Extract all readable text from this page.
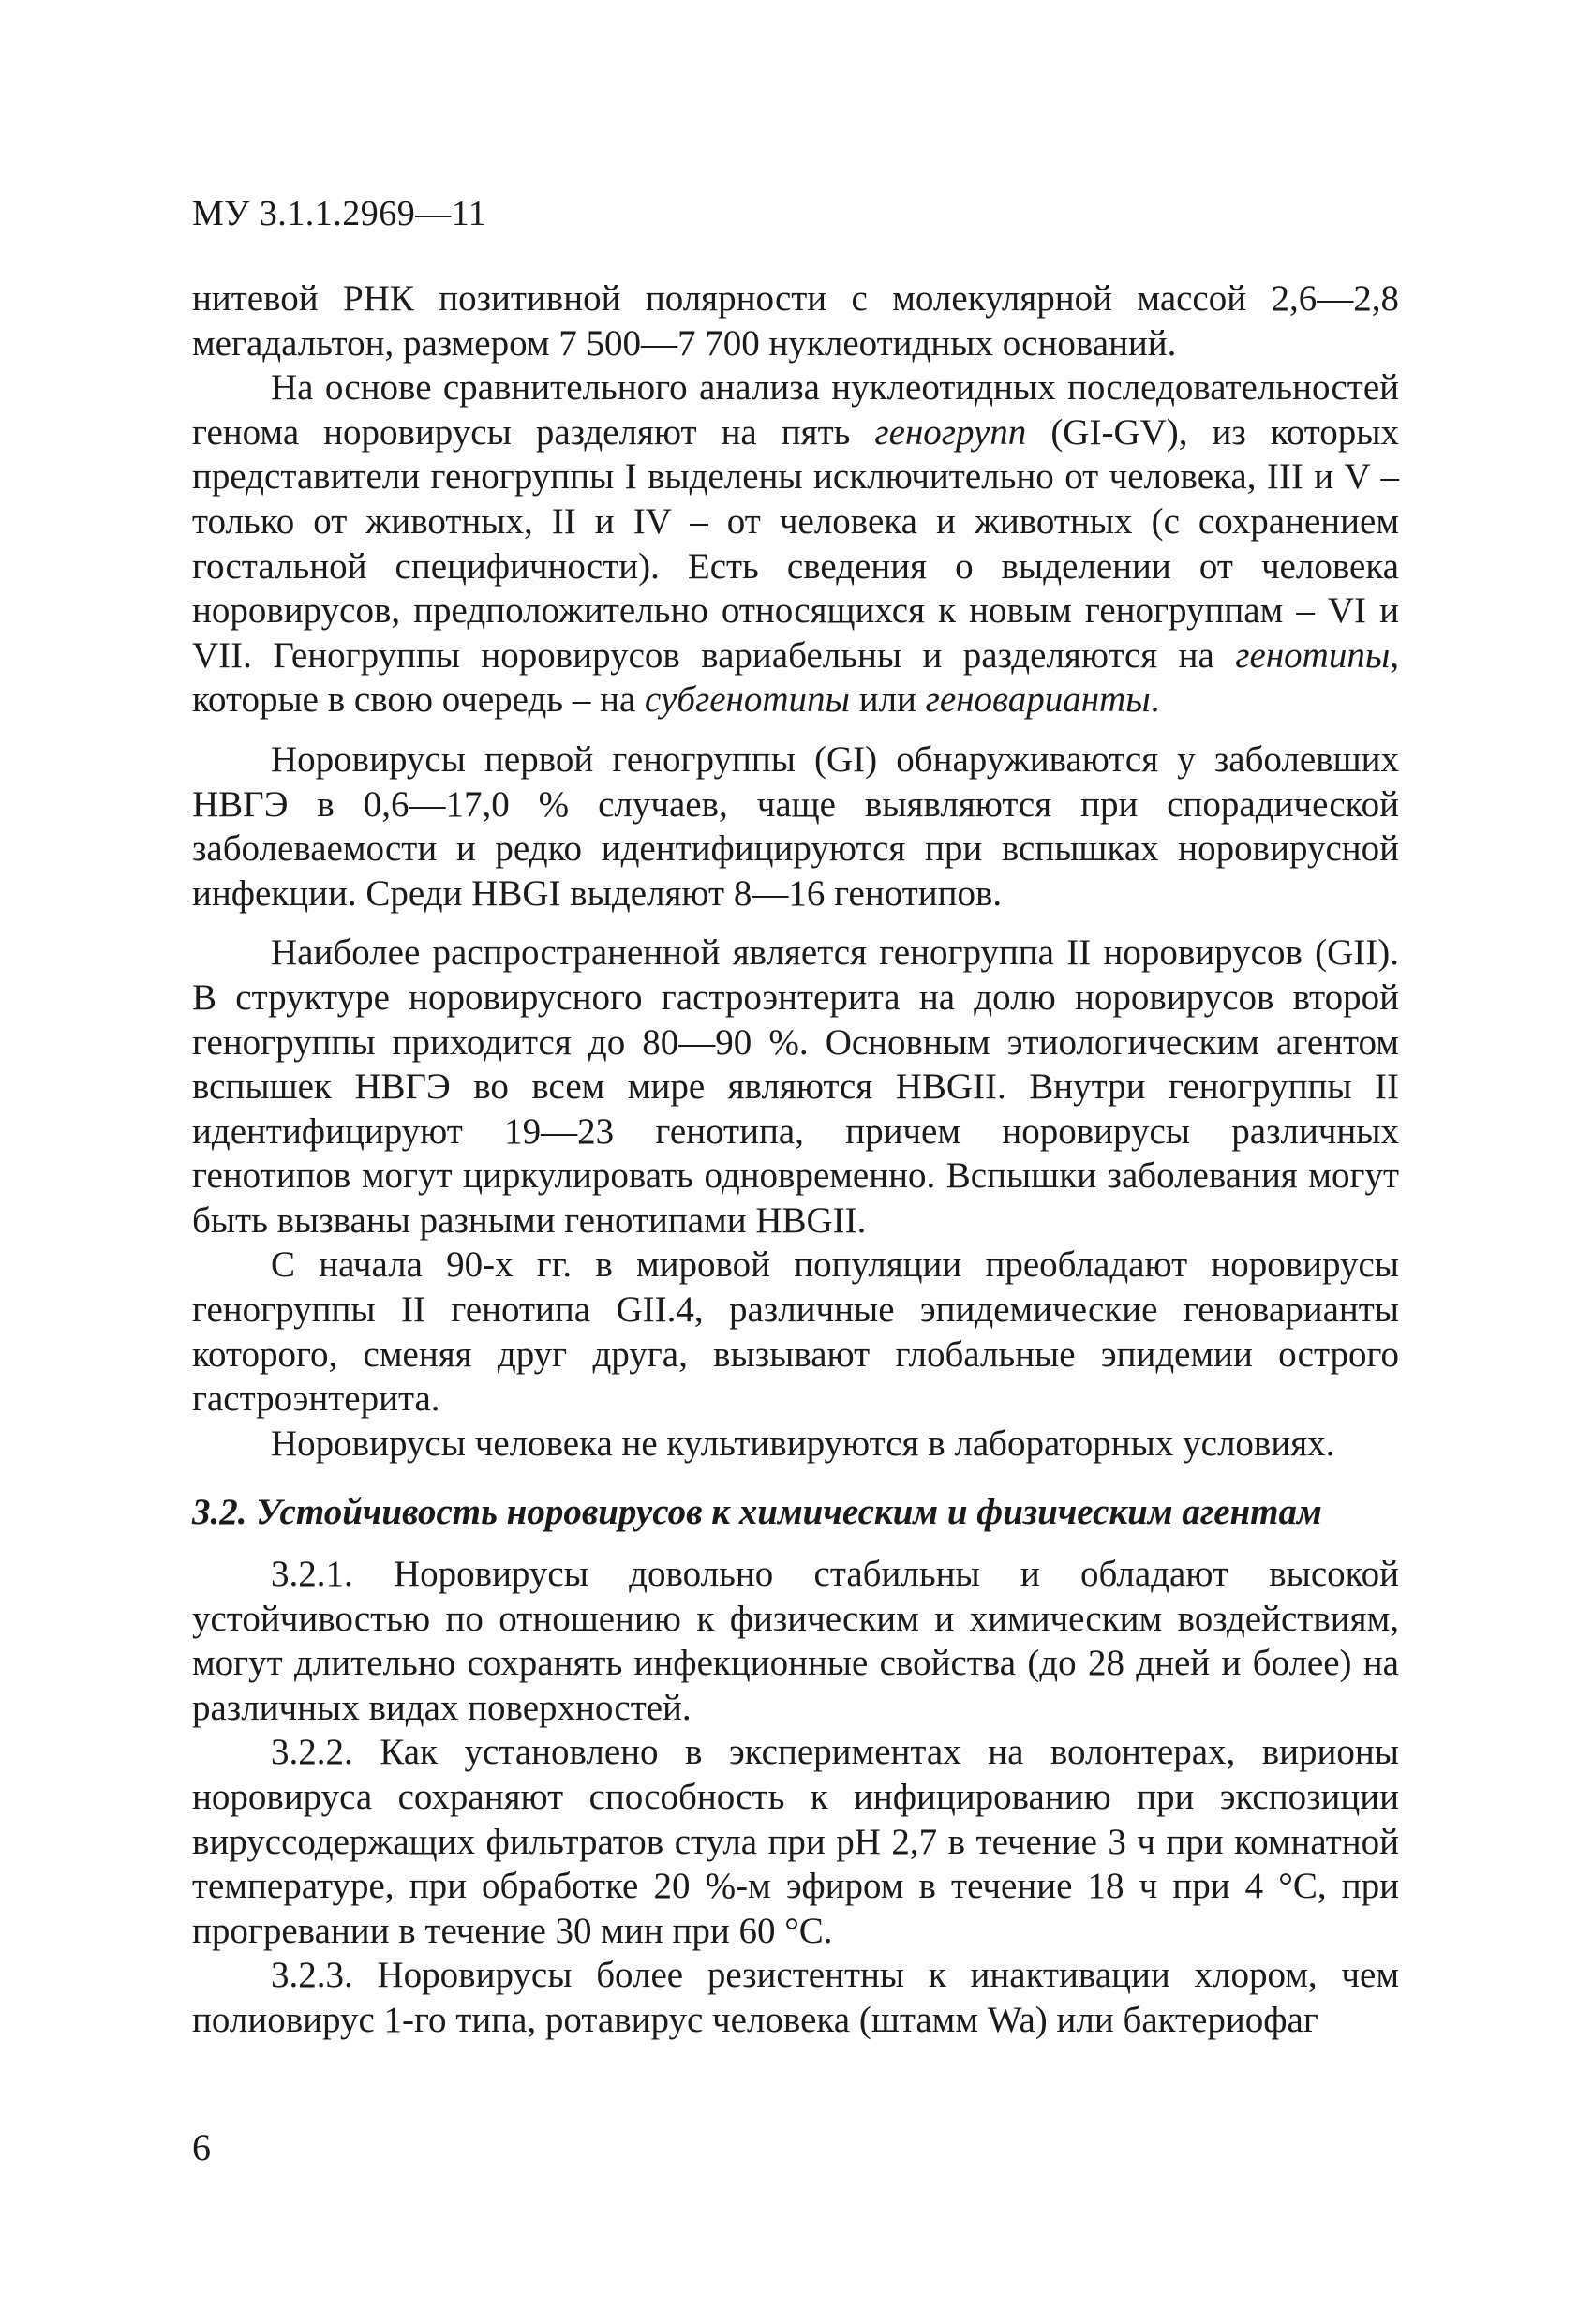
МУ 3.1.1.2969—11

нитевой РНК позитивной полярности с молекулярной массой 2,6—2,8 мегадальтон, размером 7 500—7 700 нуклеотидных оснований.

На основе сравнительного анализа нуклеотидных последовательностей генома норовирусы разделяют на пять геногрупп (GI-GV), из которых представители геногруппы I выделены исключительно от человека, III и V – только от животных, II и IV – от человека и животных (с сохранением гостальной специфичности). Есть сведения о выделении от человека норовирусов, предположительно относящихся к новым геногруппам – VI и VII. Геногруппы норовирусов вариабельны и разделяются на генотипы, которые в свою очередь – на субгенотипы или геноварианты.

Норовирусы первой геногруппы (GI) обнаруживаются у заболевших НВГЭ в 0,6—17,0 % случаев, чаще выявляются при спорадической заболеваемости и редко идентифицируются при вспышках норовирусной инфекции. Среди HBGI выделяют 8—16 генотипов.

Наиболее распространенной является геногруппа II норовирусов (GII). В структуре норовирусного гастроэнтерита на долю норовирусов второй геногруппы приходится до 80—90 %. Основным этиологическим агентом вспышек НВГЭ во всем мире являются HBGII. Внутри геногруппы II идентифицируют 19—23 генотипа, причем норовирусы различных генотипов могут циркулировать одновременно. Вспышки заболевания могут быть вызваны разными генотипами HBGII.

С начала 90-х гг. в мировой популяции преобладают норовирусы геногруппы II генотипа GII.4, различные эпидемические геноварианты которого, сменяя друг друга, вызывают глобальные эпидемии острого гастроэнтерита.

Норовирусы человека не культивируются в лабораторных условиях.

3.2. Устойчивость норовирусов к химическим и физическим агентам

3.2.1. Норовирусы довольно стабильны и обладают высокой устойчивостью по отношению к физическим и химическим воздействиям, могут длительно сохранять инфекционные свойства (до 28 дней и более) на различных видах поверхностей.

3.2.2. Как установлено в экспериментах на волонтерах, вирионы норовируса сохраняют способность к инфицированию при экспозиции вируссодержащих фильтратов стула при рН 2,7 в течение 3 ч при комнатной температуре, при обработке 20 %-м эфиром в течение 18 ч при 4 °С, при прогревании в течение 30 мин при 60 °С.

3.2.3. Норовирусы более резистентны к инактивации хлором, чем полиовирус 1-го типа, ротавирус человека (штамм Wa) или бактериофаг

6
